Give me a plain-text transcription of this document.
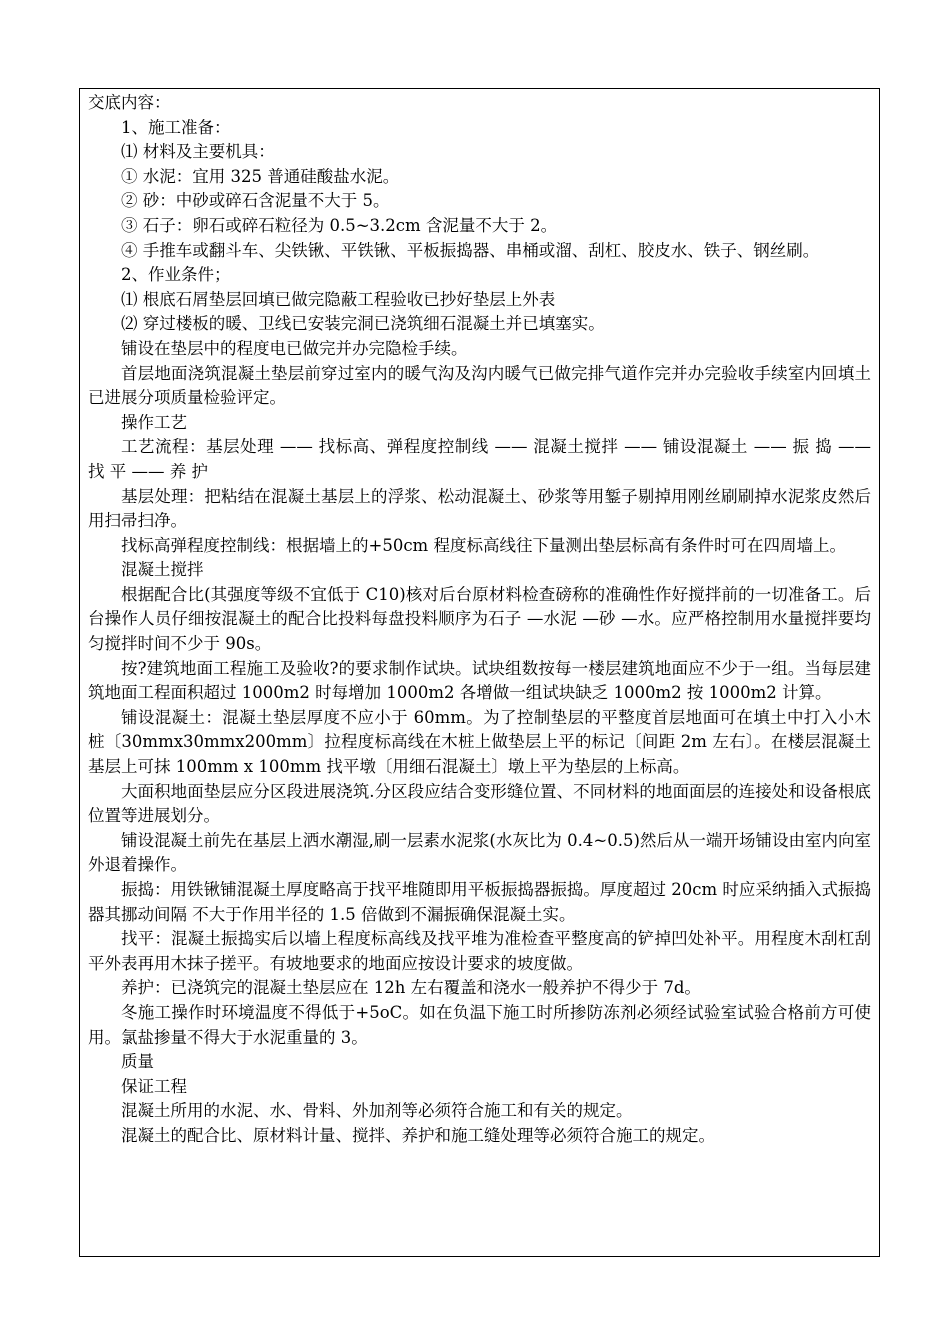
交底内容：

1、施工准备：

⑴ 材料及主要机具：

① 水泥：宜用 325 普通硅酸盐水泥。

② 砂：中砂或碎石含泥量不大于 5。

③ 石子：卵石或碎石粒径为 0.5~3.2cm 含泥量不大于 2。

④ 手推车或翻斗车、尖铁锹、平铁锹、平板振捣器、串桶或溜、刮杠、胶皮水、铁子、钢丝刷。

2、作业条件；

⑴ 根底石屑垫层回填已做完隐蔽工程验收已抄好垫层上外表

⑵ 穿过楼板的暖、卫线已安装完洞已浇筑细石混凝土并已填塞实。

铺设在垫层中的程度电已做完并办完隐检手续。

首层地面浇筑混凝土垫层前穿过室内的暖气沟及沟内暖气已做完排气道作完并办完验收手续室内回填土已进展分项质量检验评定。

操作工艺

工艺流程：基层处理 —— 找标高、弹程度控制线 —— 混凝土搅拌 —— 铺设混凝土 —— 振 捣 —— 找 平 —— 养 护

基层处理：把粘结在混凝土基层上的浮浆、松动混凝土、砂浆等用錾子剔掉用刚丝刷刷掉水泥浆皮然后用扫帚扫净。

找标高弹程度控制线：根据墙上的+50cm 程度标高线往下量测出垫层标高有条件时可在四周墙上。

混凝土搅拌

根据配合比(其强度等级不宜低于 C10)核对后台原材料检查磅称的准确性作好搅拌前的一切准备工。后台操作人员仔细按混凝土的配合比投料每盘投料顺序为石子 —水泥 —砂 —水。应严格控制用水量搅拌要均匀搅拌时间不少于 90s。

按?建筑地面工程施工及验收?的要求制作试块。试块组数按每一楼层建筑地面应不少于一组。当每层建筑地面工程面积超过 1000m2 时每增加 1000m2 各增做一组试块缺乏 1000m2 按 1000m2 计算。

铺设混凝土：混凝土垫层厚度不应小于 60mm。为了控制垫层的平整度首层地面可在填土中打入小木桩〔30mmx30mmx200mm〕拉程度标高线在木桩上做垫层上平的标记〔间距 2m 左右〕。在楼层混凝土基层上可抹 100mm x 100mm 找平墩〔用细石混凝土〕墩上平为垫层的上标高。

大面积地面垫层应分区段进展浇筑.分区段应结合变形缝位置、不同材料的地面面层的连接处和设备根底位置等进展划分。

铺设混凝土前先在基层上洒水潮湿,刷一层素水泥浆(水灰比为 0.4~0.5)然后从一端开场铺设由室内向室外退着操作。

振捣：用铁锹铺混凝土厚度略高于找平堆随即用平板振捣器振捣。厚度超过 20cm 时应采纳插入式振捣器其挪动间隔 不大于作用半径的 1.5 倍做到不漏振确保混凝土实。

找平：混凝土振捣实后以墙上程度标高线及找平堆为准检查平整度高的铲掉凹处补平。用程度木刮杠刮平外表再用木抹子搓平。有坡地要求的地面应按设计要求的坡度做。

养护：已浇筑完的混凝土垫层应在 12h 左右覆盖和浇水一般养护不得少于 7d。

冬施工操作时环境温度不得低于+5oC。如在负温下施工时所掺防冻剂必须经试验室试验合格前方可使用。氯盐掺量不得大于水泥重量的 3。

质量

保证工程

混凝土所用的水泥、水、骨料、外加剂等必须符合施工和有关的规定。

混凝土的配合比、原材料计量、搅拌、养护和施工缝处理等必须符合施工的规定。
